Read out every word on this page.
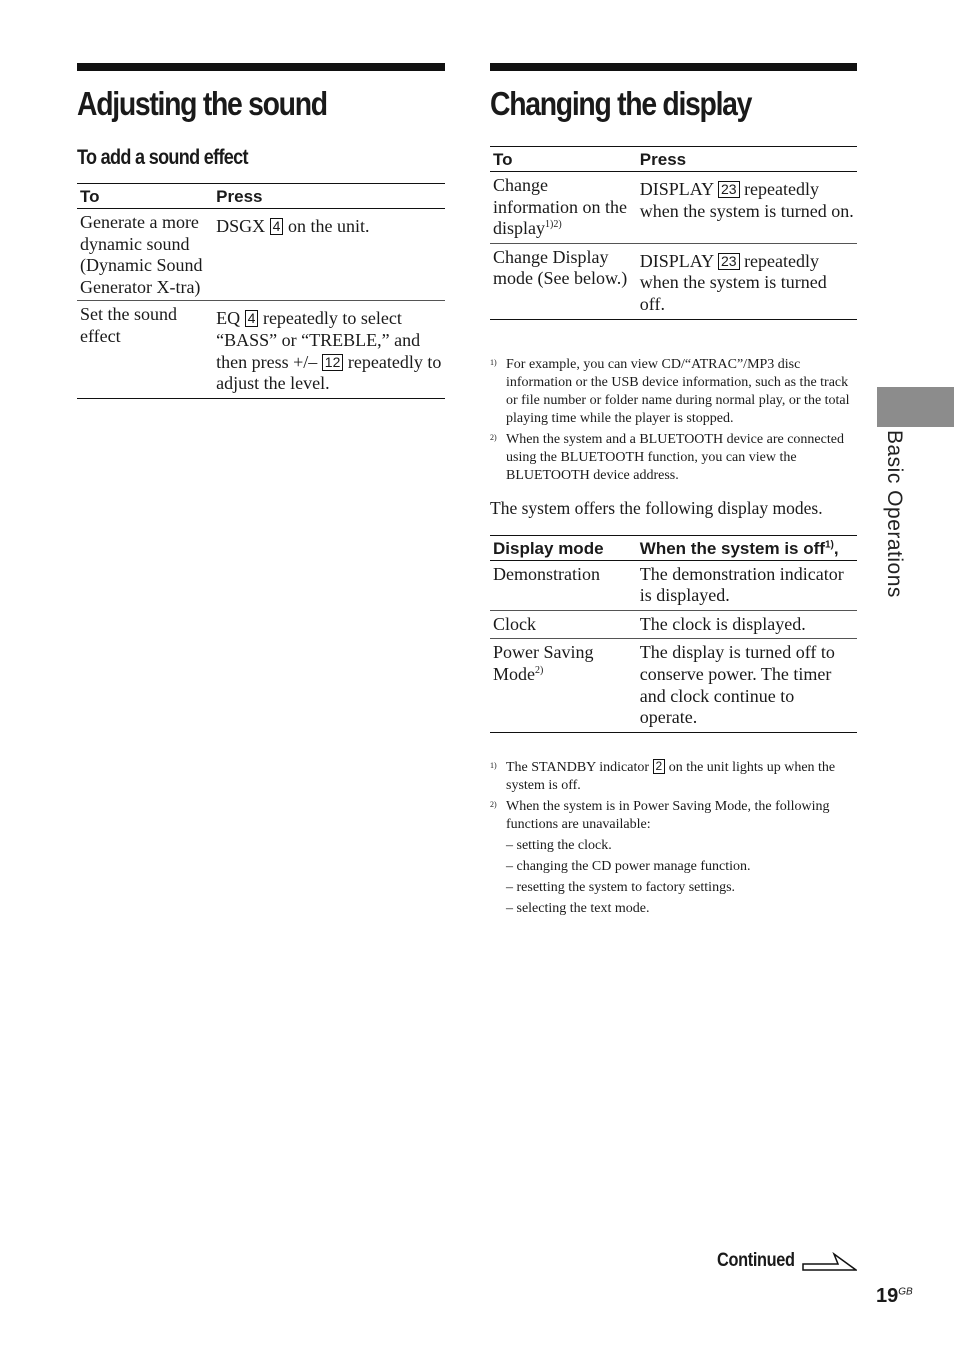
Adjusting the sound
To add a sound effect
To	Press
Generate a more dynamic sound (Dynamic Sound Generator X-tra)	DSGX 4 on the unit.
Set the sound effect	EQ 4 repeatedly to select “BASS” or “TREBLE,” and then press +/– 12 repeatedly to adjust the level.
Changing the display
To	Press
Change information on the display$^{1)2)}$	DISPLAY 23 repeatedly when the system is turned on.
Change Display mode (See below.)	DISPLAY 23 repeatedly when the system is turned off.

1) For example, you can view CD/“ATRAC”/MP3 disc information or the USB device information, such as the track or file number or folder name during normal play, or the total playing time while the player is stopped.

2) When the system and a BLUETOOTH device are connected using the BLUETOOTH function, you can view the BLUETOOTH device address.

The system offers the following display modes.

Display mode	When the system is off$^{1)}$,
Demonstration	The demonstration indicator is displayed.
Clock	The clock is displayed.
Power Saving Mode$^{2)}$	The display is turned off to conserve power. The timer and clock continue to operate.

1) The STANDBY indicator 2 on the unit lights up when the system is off.

2) When the system is in Power Saving Mode, the following functions are unavailable:

– setting the clock.

– changing the CD power manage function.

– resetting the system to factory settings.

– selecting the text mode.

Basic Operations
Continued
$19^{GB}$
